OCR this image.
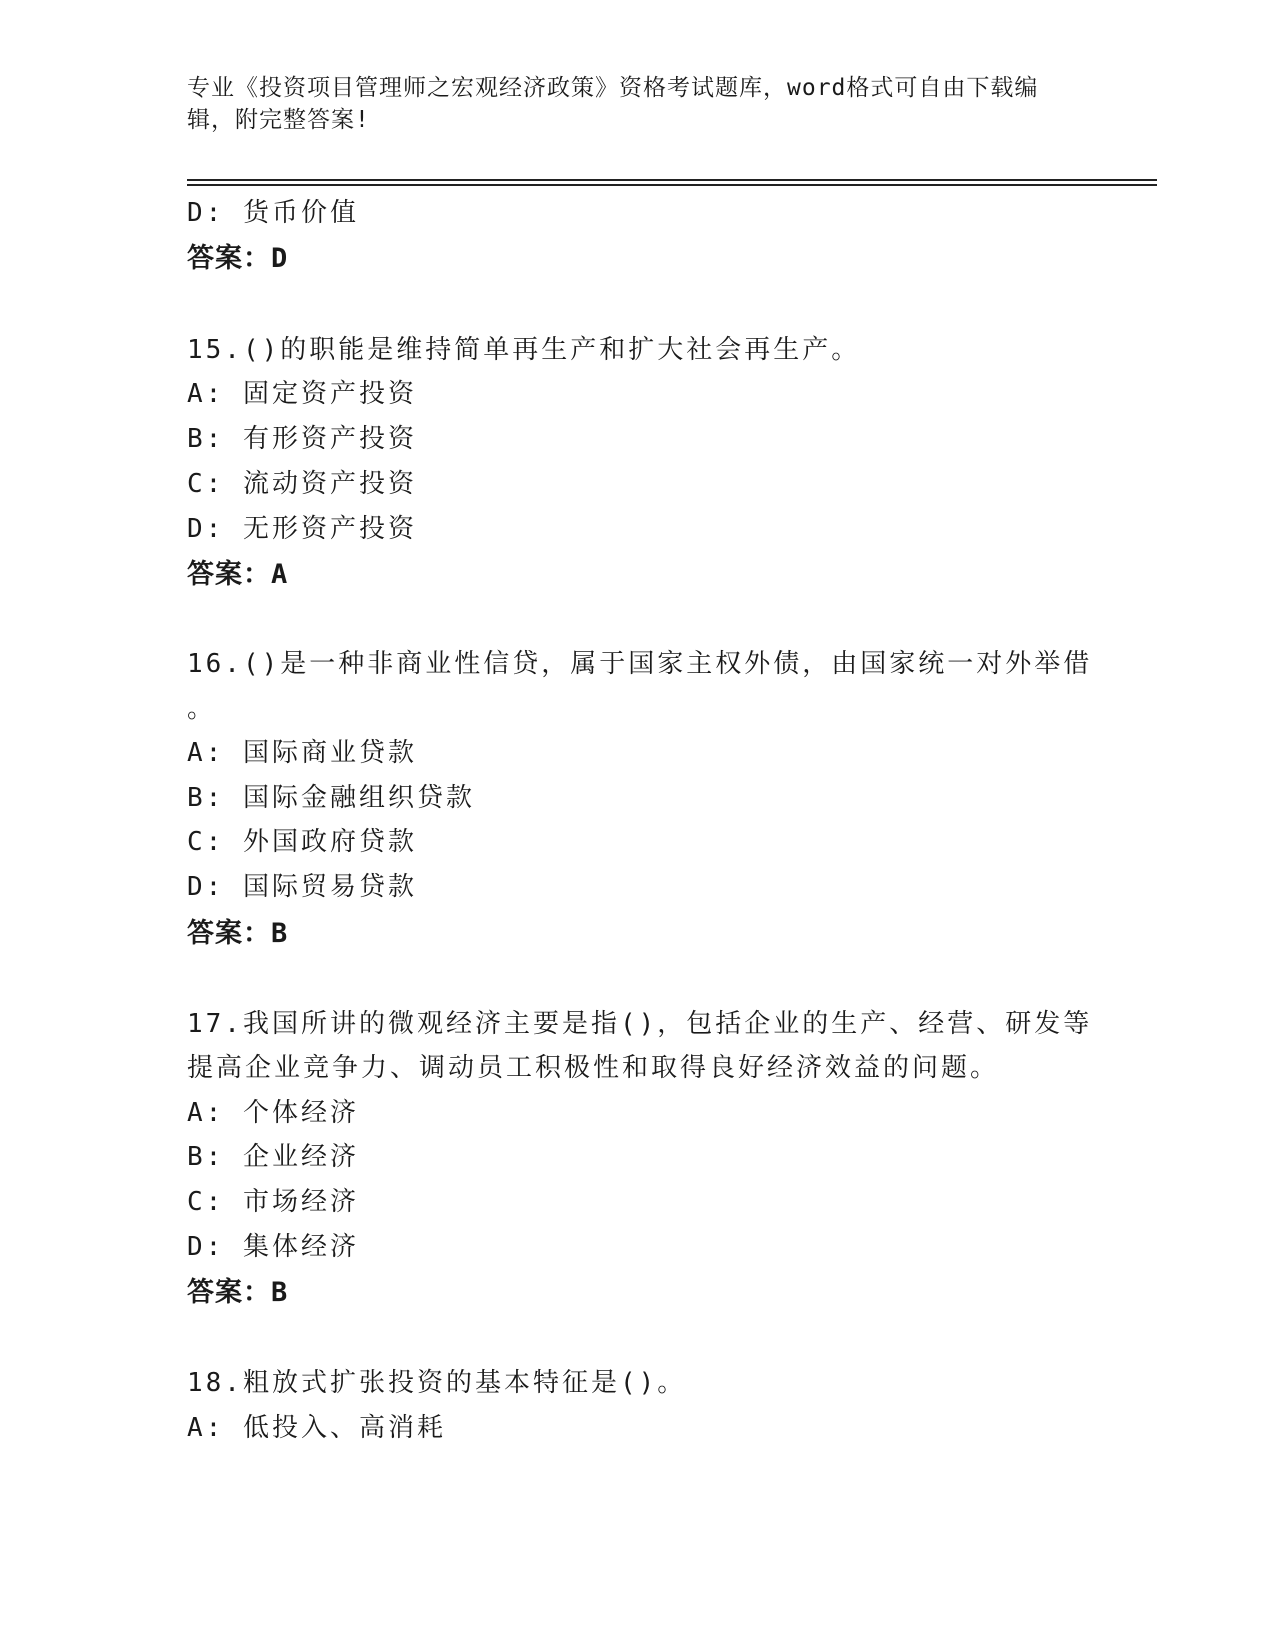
专业《投资项目管理师之宏观经济政策》资格考试题库，word格式可自由下载编
辑，附完整答案!
D: 货币价值
答案：D
15.()的职能是维持简单再生产和扩大社会再生产。
A: 固定资产投资
B: 有形资产投资
C: 流动资产投资
D: 无形资产投资
答案：A
16.()是一种非商业性信贷，属于国家主权外债，由国家统一对外举借
。
A: 国际商业贷款
B: 国际金融组织贷款
C: 外国政府贷款
D: 国际贸易贷款
答案：B
17.我国所讲的微观经济主要是指()，包括企业的生产、经营、研发等
提高企业竞争力、调动员工积极性和取得良好经济效益的问题。
A: 个体经济
B: 企业经济
C: 市场经济
D: 集体经济
答案：B
18.粗放式扩张投资的基本特征是()。
A: 低投入、高消耗
